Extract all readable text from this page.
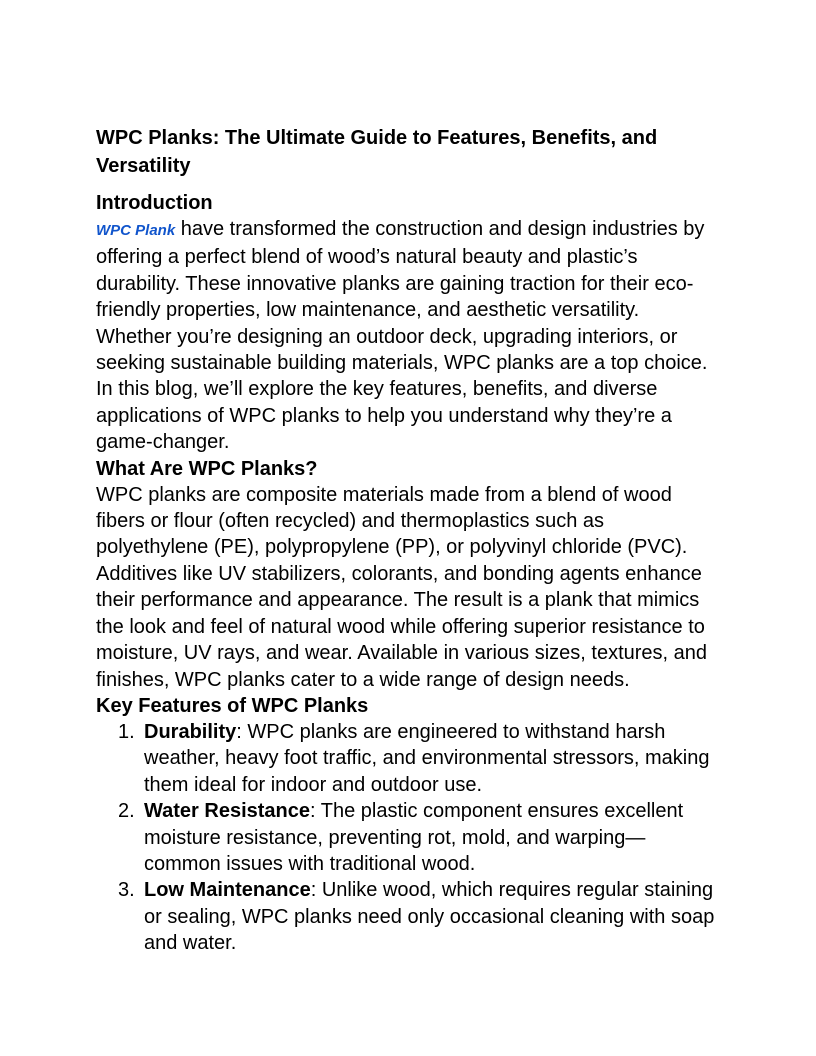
WPC Planks: The Ultimate Guide to Features, Benefits, and
Versatility
Introduction

WPC Plank have transformed the construction and design industries by offering a perfect blend of wood’s natural beauty and plastic’s durability. These innovative planks are gaining traction for their eco-friendly properties, low maintenance, and aesthetic versatility. Whether you’re designing an outdoor deck, upgrading interiors, or seeking sustainable building materials, WPC planks are a top choice. In this blog, we’ll explore the key features, benefits, and diverse applications of WPC planks to help you understand why they’re a game-changer.

What Are WPC Planks?

WPC planks are composite materials made from a blend of wood fibers or flour (often recycled) and thermoplastics such as polyethylene (PE), polypropylene (PP), or polyvinyl chloride (PVC). Additives like UV stabilizers, colorants, and bonding agents enhance their performance and appearance. The result is a plank that mimics the look and feel of natural wood while offering superior resistance to moisture, UV rays, and wear. Available in various sizes, textures, and finishes, WPC planks cater to a wide range of design needs.

Key Features of WPC Planks
1. Durability: WPC planks are engineered to withstand harsh weather, heavy foot traffic, and environmental stressors, making them ideal for indoor and outdoor use.
2. Water Resistance: The plastic component ensures excellent moisture resistance, preventing rot, mold, and warping—common issues with traditional wood.
3. Low Maintenance: Unlike wood, which requires regular staining or sealing, WPC planks need only occasional cleaning with soap and water.
